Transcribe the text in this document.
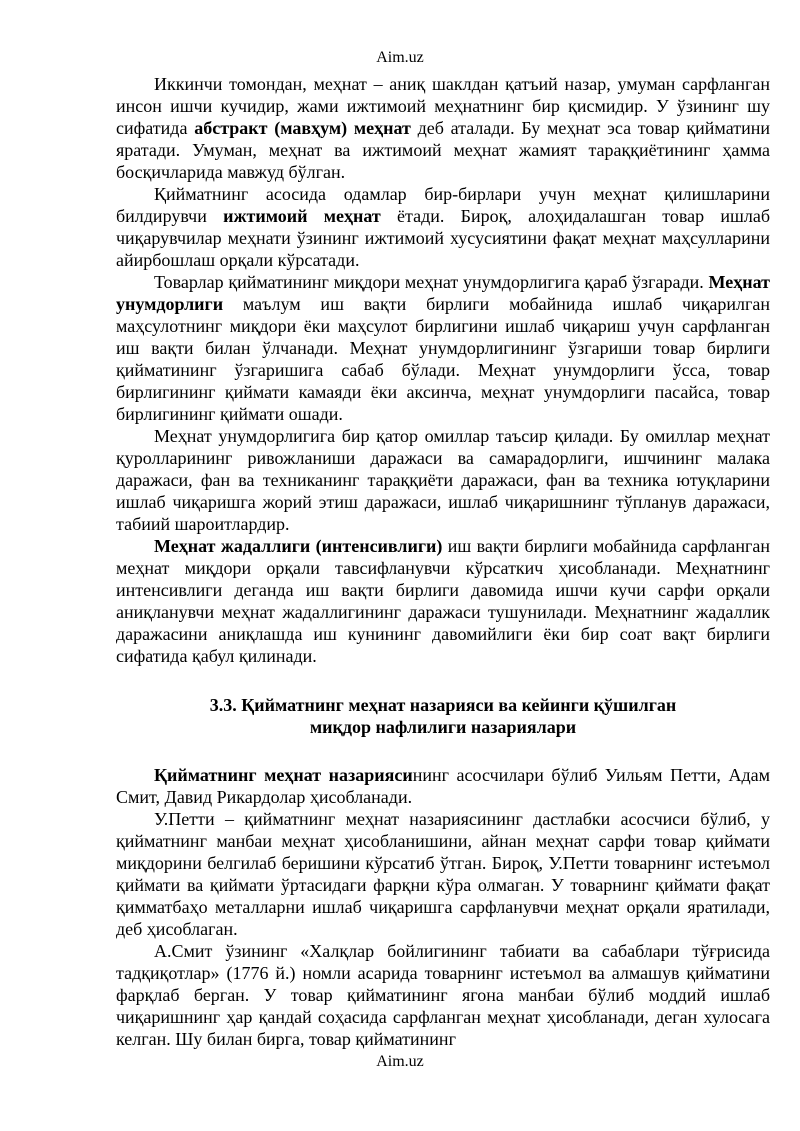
Aim.uz

Иккинчи томондан, меҳнат – аниқ шаклдан қатъий назар, умуман сарфланган инсон ишчи кучидир, жами ижтимоий меҳнатнинг бир қисмидир. У ўзининг шу сифатида абстракт (мавҳум) меҳнат деб аталади. Бу меҳнат эса товар қийматини яратади. Умуман, меҳнат ва ижтимоий меҳнат жамият тараққиётининг ҳамма босқичларида мавжуд бўлган.

Қийматнинг асосида одамлар бир-бирлари учун меҳнат қилишларини билдирувчи ижтимоий меҳнат ётади. Бироқ, алоҳидалашган товар ишлаб чиқарувчилар меҳнати ўзининг ижтимоий хусусиятини фақат меҳнат маҳсулларини айирбошлаш орқали кўрсатади.

Товарлар қийматининг миқдори меҳнат унумдорлигига қараб ўзгаради. Меҳнат унумдорлиги маълум иш вақти бирлиги мобайнида ишлаб чиқарилган маҳсулотнинг миқдори ёки маҳсулот бирлигини ишлаб чиқариш учун сарфланган иш вақти билан ўлчанади. Меҳнат унумдорлигининг ўзгариши товар бирлиги қийматининг ўзгаришига сабаб бўлади. Меҳнат унумдорлиги ўсса, товар бирлигининг қиймати камаяди ёки аксинча, меҳнат унумдорлиги пасайса, товар бирлигининг қиймати ошади.

Меҳнат унумдорлигига бир қатор омиллар таъсир қилади. Бу омиллар меҳнат қуролларининг ривожланиши даражаси ва самарадорлиги, ишчининг малака даражаси, фан ва техниканинг тараққиёти даражаси, фан ва техника ютуқларини ишлаб чиқаришга жорий этиш даражаси, ишлаб чиқаришнинг тўпланув даражаси, табиий шароитлардир.

Меҳнат жадаллиги (интенсивлиги) иш вақти бирлиги мобайнида сарфланган меҳнат миқдори орқали тавсифланувчи кўрсаткич ҳисобланади. Меҳнатнинг интенсивлиги деганда иш вақти бирлиги давомида ишчи кучи сарфи орқали аниқланувчи меҳнат жадаллигининг даражаси тушунилади. Меҳнатнинг жадаллик даражасини аниқлашда иш кунининг давомийлиги ёки бир соат вақт бирлиги сифатида қабул қилинади.

3.3. Қийматнинг меҳнат назарияси ва кейинги қўшилган
миқдор нафлилиги назариялари

Қийматнинг меҳнат назариясининг асосчилари бўлиб Уильям Петти, Адам Смит, Давид Рикардолар ҳисобланади.

У.Петти – қийматнинг меҳнат назариясининг дастлабки асосчиси бўлиб, у қийматнинг манбаи меҳнат ҳисобланишини, айнан меҳнат сарфи товар қиймати миқдорини белгилаб беришини кўрсатиб ўтган. Бироқ, У.Петти товарнинг истеъмол қиймати ва қиймати ўртасидаги фарқни кўра олмаган. У товарнинг қиймати фақат қимматбаҳо металларни ишлаб чиқаришга сарфланувчи меҳнат орқали яратилади, деб ҳисоблаган.

А.Смит ўзининг «Халқлар бойлигининг табиати ва сабаблари тўғрисида тадқиқотлар» (1776 й.) номли асарида товарнинг истеъмол ва алмашув қийматини фарқлаб берган. У товар қийматининг ягона манбаи бўлиб моддий ишлаб чиқаришнинг ҳар қандай соҳасида сарфланган меҳнат ҳисобланади, деган хулосага келган. Шу билан бирга, товар қийматининг

Aim.uz
